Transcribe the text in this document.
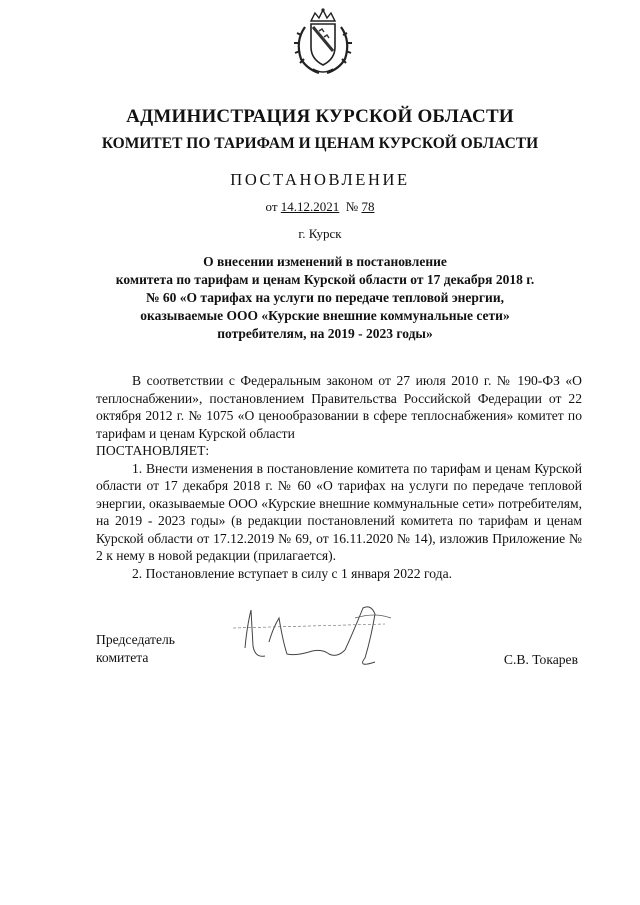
АДМИНИСТРАЦИЯ КУРСКОЙ ОБЛАСТИ
КОМИТЕТ ПО ТАРИФАМ И ЦЕНАМ КУРСКОЙ ОБЛАСТИ
ПОСТАНОВЛЕНИЕ
от 14.12.2021 № 78
г. Курск
О внесении изменений в постановление
комитета по тарифам и ценам Курской области от 17 декабря 2018 г.
№ 60 «О тарифах на услуги по передаче тепловой энергии,
оказываемые ООО «Курские внешние коммунальные сети»
потребителям, на 2019 - 2023 годы»

В соответствии с Федеральным законом от 27 июля 2010 г. № 190-ФЗ «О теплоснабжении», постановлением Правительства Российской Федерации от 22 октября 2012 г. № 1075 «О ценообразовании в сфере теплоснабжения» комитет по тарифам и ценам Курской области

ПОСТАНОВЛЯЕТ:

1. Внести изменения в постановление комитета по тарифам и ценам Курской области от 17 декабря 2018 г. № 60 «О тарифах на услуги по передаче тепловой энергии, оказываемые ООО «Курские внешние коммунальные сети» потребителям, на 2019 - 2023 годы» (в редакции постановлений комитета по тарифам и ценам Курской области от 17.12.2019 № 69, от 16.11.2020 № 14), изложив Приложение № 2 к нему в новой редакции (прилагается).

2. Постановление вступает в силу с 1 января 2022 года.

Председатель
комитета	С.В. Токарев
